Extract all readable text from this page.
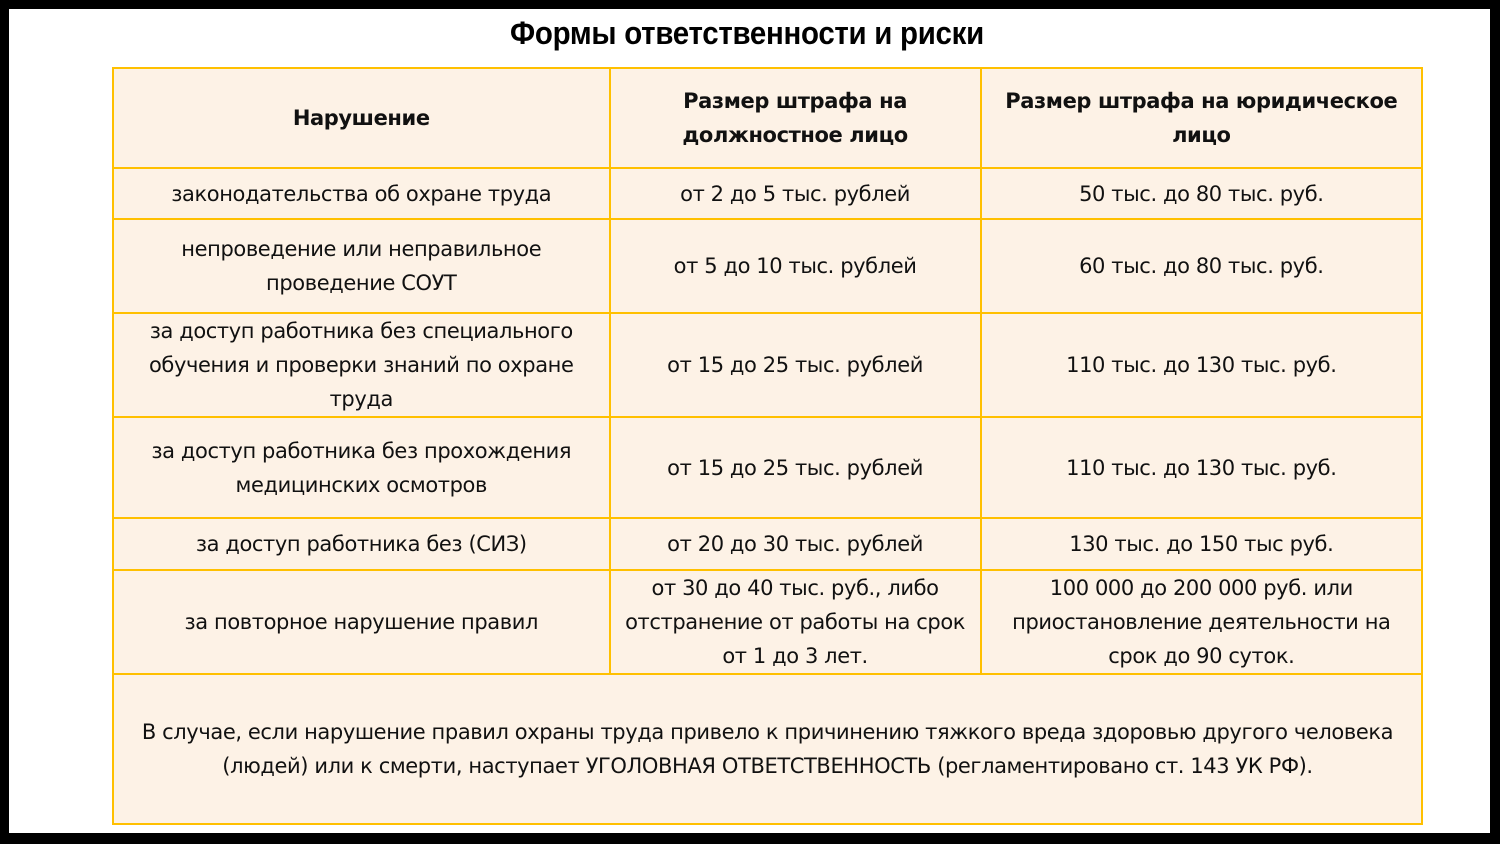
Формы ответственности и риски
Нарушение	Размер штрафа на должностное лицо	Размер штрафа на юридическое лицо
законодательства об охране труда	от 2 до 5 тыс. рублей	50 тыс. до 80 тыс. руб.
непроведение или неправильное проведение СОУТ	от 5 до 10 тыс. рублей	60 тыс. до 80 тыс. руб.
за доступ работника без специального обучения и проверки знаний по охране труда	от 15 до 25 тыс. рублей	110 тыс. до 130 тыс. руб.
за доступ работника без прохождения медицинских осмотров	от 15 до 25 тыс. рублей	110 тыс. до 130 тыс. руб.
за доступ работника без (СИЗ)	от 20 до 30 тыс. рублей	130 тыс. до 150 тыс руб.
за повторное нарушение правил	от 30 до 40 тыс. руб., либо отстранение от работы на срок от 1 до 3 лет.	100 000 до 200 000 руб. или приостановление деятельности на срок до 90 суток.
В случае, если нарушение правил охраны труда привело к причинению тяжкого вреда здоровью другого человека (людей) или к смерти, наступает УГОЛОВНАЯ ОТВЕТСТВЕННОСТЬ (регламентировано ст. 143 УК РФ).		
